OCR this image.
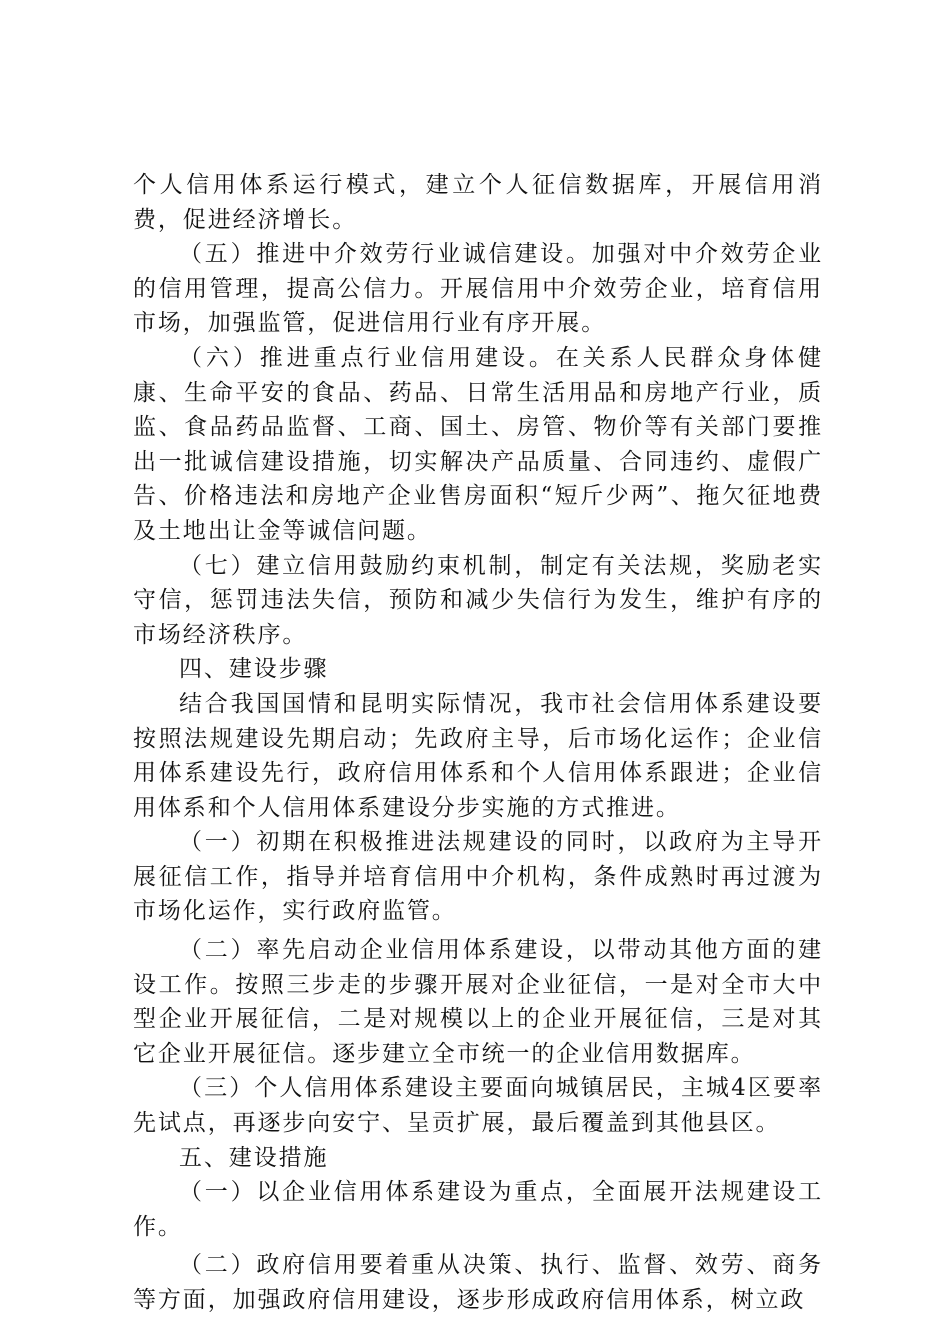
个人信用体系运行模式，建立个人征信数据库，开展信用消费，促进经济增长。

（五）推进中介效劳行业诚信建设。加强对中介效劳企业的信用管理，提高公信力。开展信用中介效劳企业，培育信用市场，加强监管，促进信用行业有序开展。

（六）推进重点行业信用建设。在关系人民群众身体健康、生命平安的食品、药品、日常生活用品和房地产行业，质监、食品药品监督、工商、国土、房管、物价等有关部门要推出一批诚信建设措施，切实解决产品质量、合同违约、虚假广告、价格违法和房地产企业售房面积“短斤少两”、拖欠征地费及土地出让金等诚信问题。

（七）建立信用鼓励约束机制，制定有关法规，奖励老实守信，惩罚违法失信，预防和减少失信行为发生，维护有序的市场经济秩序。

四、建设步骤

结合我国国情和昆明实际情况，我市社会信用体系建设要按照法规建设先期启动；先政府主导，后市场化运作；企业信用体系建设先行，政府信用体系和个人信用体系跟进；企业信用体系和个人信用体系建设分步实施的方式推进。

（一）初期在积极推进法规建设的同时，以政府为主导开展征信工作，指导并培育信用中介机构，条件成熟时再过渡为市场化运作，实行政府监管。

（二）率先启动企业信用体系建设，以带动其他方面的建设工作。按照三步走的步骤开展对企业征信，一是对全市大中型企业开展征信，二是对规模以上的企业开展征信，三是对其它企业开展征信。逐步建立全市统一的企业信用数据库。

（三）个人信用体系建设主要面向城镇居民，主城4区要率先试点，再逐步向安宁、呈贡扩展，最后覆盖到其他县区。

五、建设措施

（一）以企业信用体系建设为重点，全面展开法规建设工作。

（二）政府信用要着重从决策、执行、监督、效劳、商务等方面，加强政府信用建设，逐步形成政府信用体系，树立政
